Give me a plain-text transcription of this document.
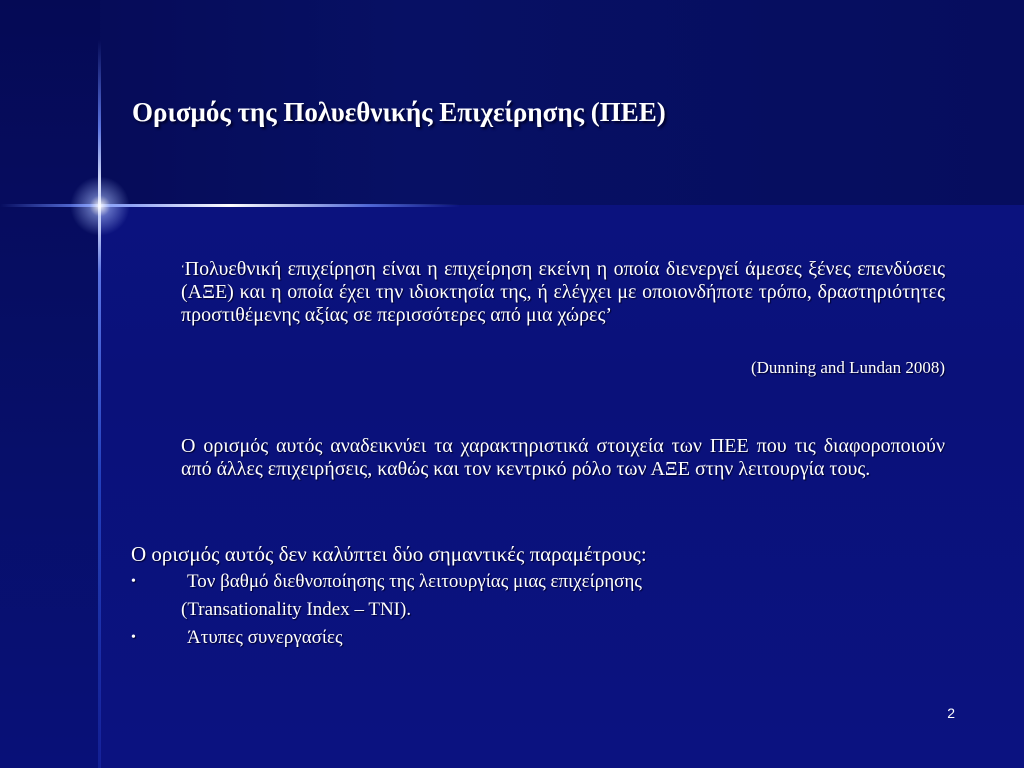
Ορισμός της Πολυεθνικής Επιχείρησης (ΠΕΕ)
‘Πολυεθνική επιχείρηση είναι η επιχείρηση εκείνη η οποία διενεργεί άμεσες ξένες επενδύσεις (ΑΞΕ) και η οποία έχει την ιδιοκτησία της, ή ελέγχει με οποιονδήποτε τρόπο, δραστηριότητες προστιθέμενης αξίας σε περισσότερες από μια χώρες’
(Dunning and Lundan 2008)
Ο ορισμός αυτός αναδεικνύει τα χαρακτηριστικά στοιχεία των ΠΕΕ που τις διαφοροποιούν από άλλες επιχειρήσεις, καθώς και τον κεντρικό ρόλο των ΑΞΕ στην λειτουργία τους.
Ο ορισμός αυτός δεν καλύπτει δύο σημαντικές παραμέτρους:
•	Τον βαθμό διεθνοποίησης της λειτουργίας μιας επιχείρησης
(Transationality Index – TNI).
•	Άτυπες συνεργασίες
2
